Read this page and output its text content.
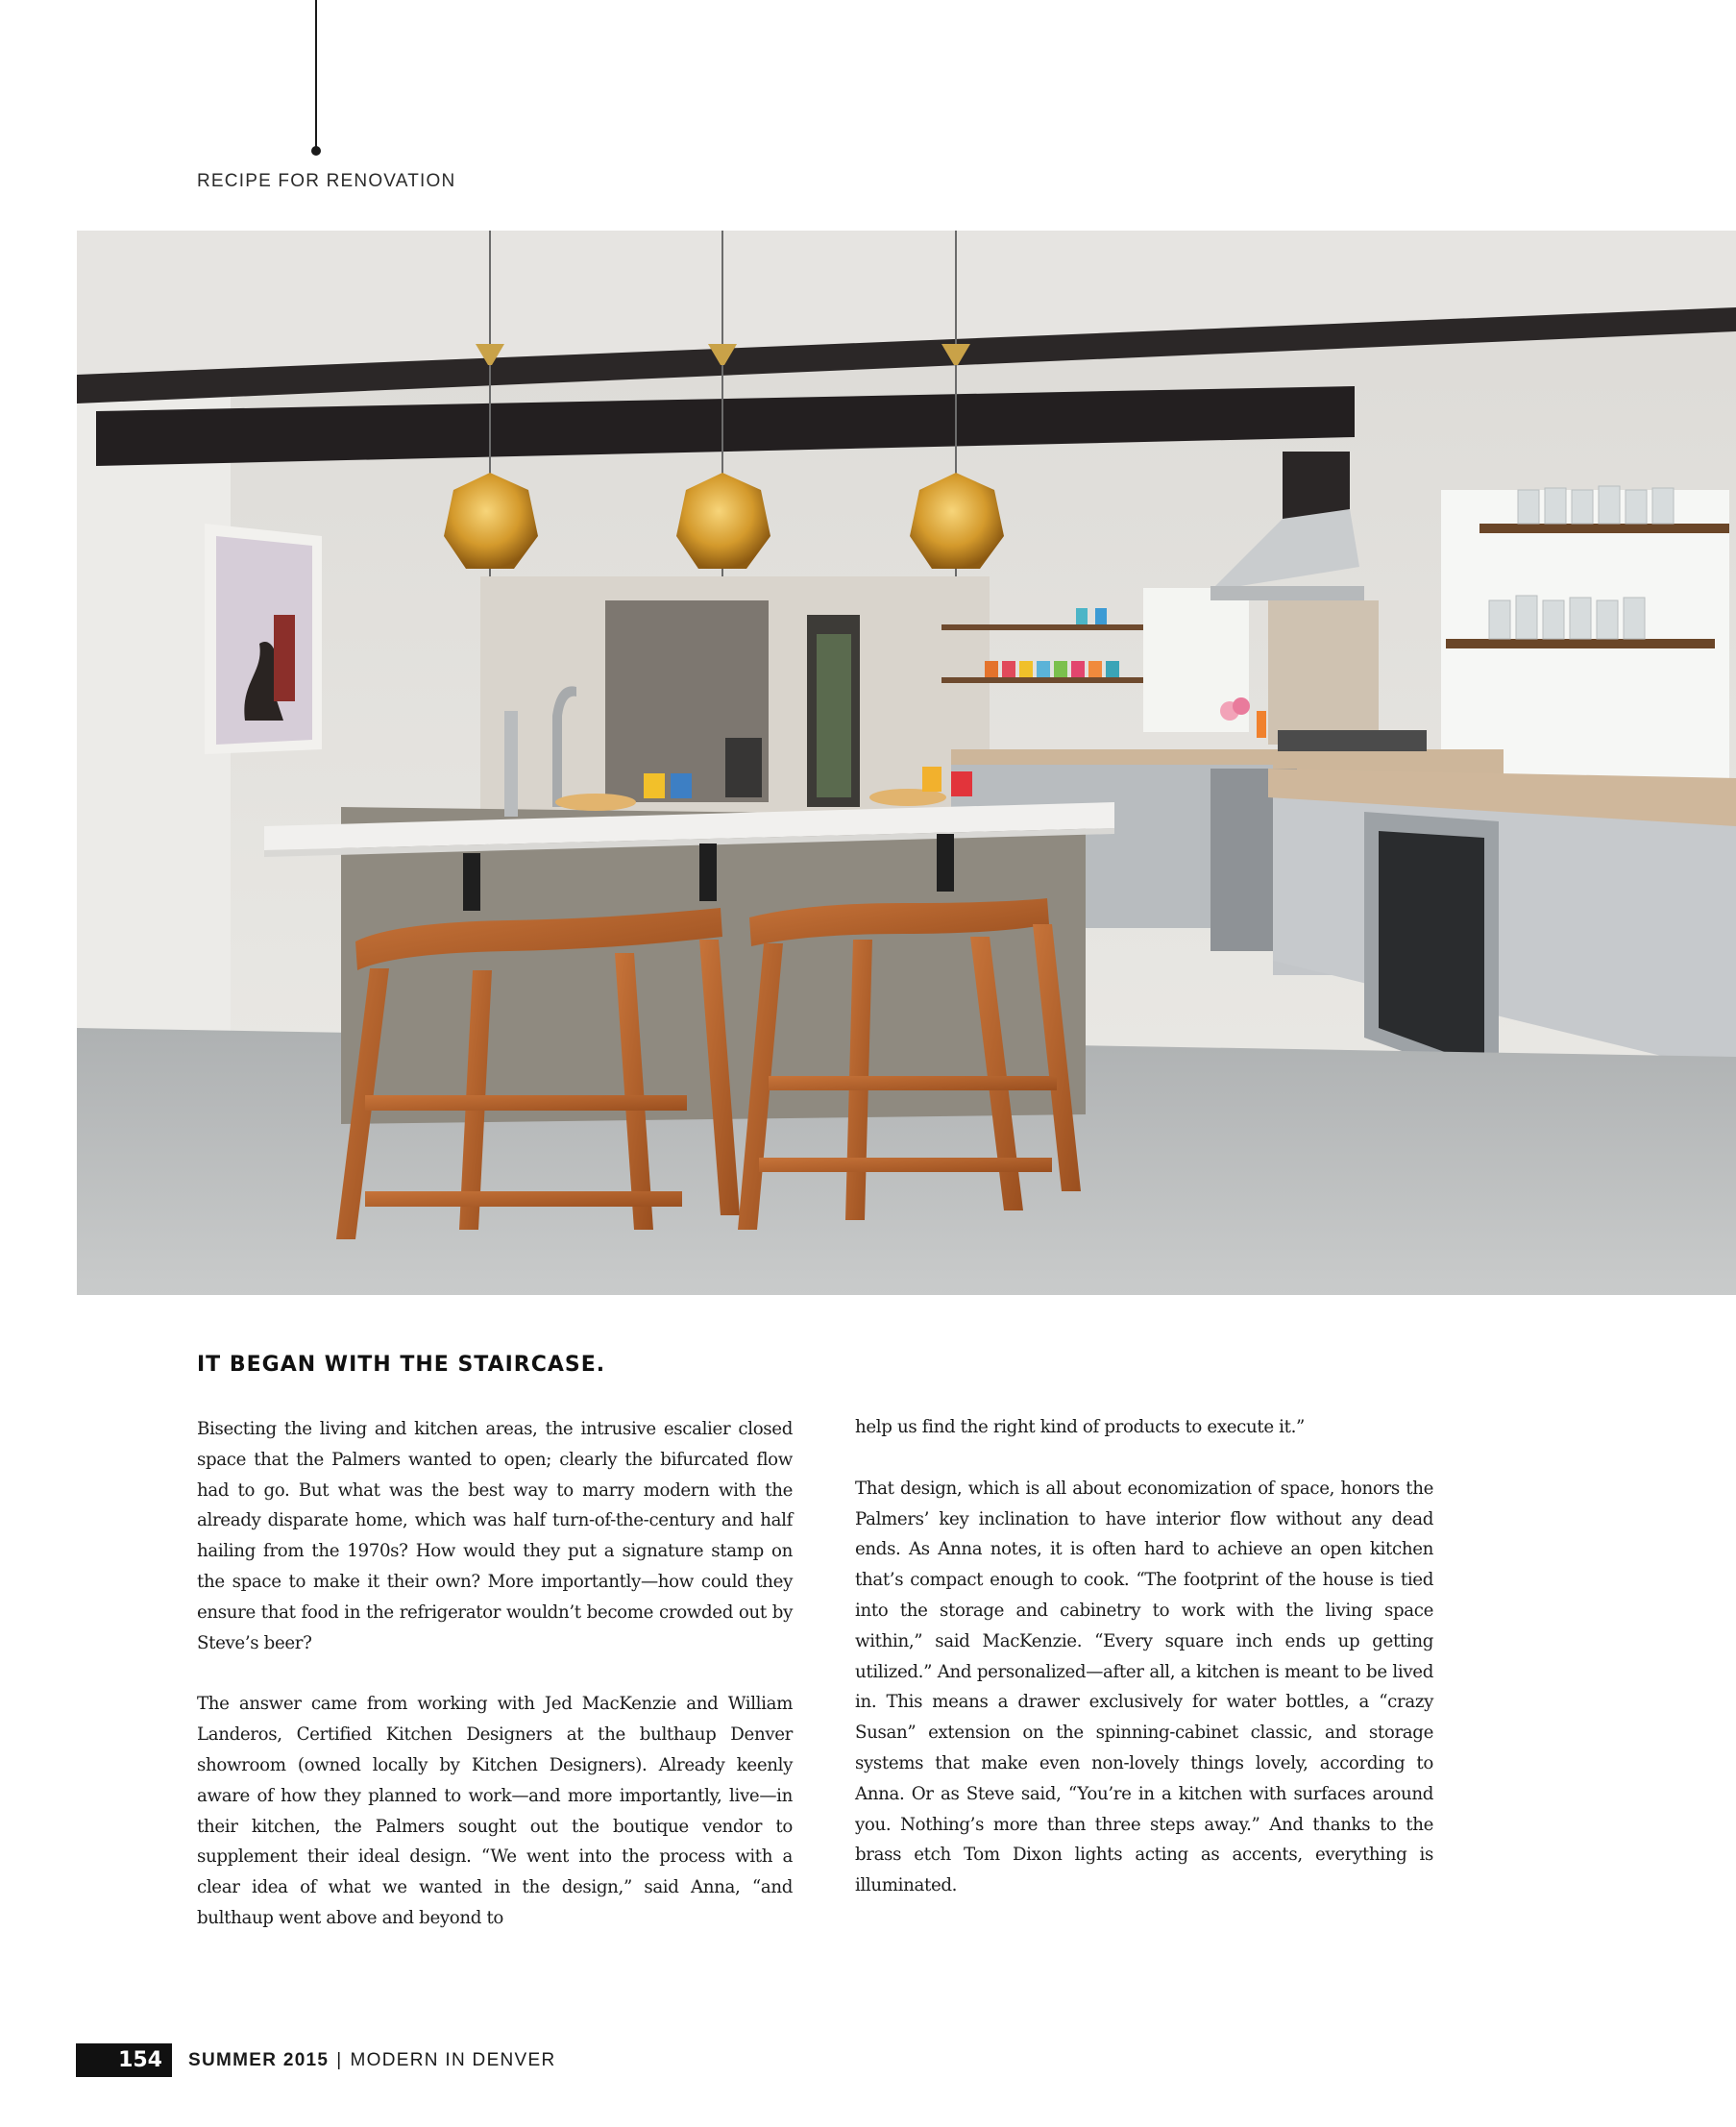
RECIPE FOR RENOVATION
IT BEGAN WITH THE STAIRCASE.

Bisecting the living and kitchen areas, the intrusive escalier closed space that the Palmers wanted to open; clearly the bifurcated flow had to go. But what was the best way to marry modern with the already disparate home, which was half turn-of-the-century and half hailing from the 1970s? How would they put a signature stamp on the space to make it their own? More importantly—how could they ensure that food in the refrigerator wouldn’t become crowded out by Steve’s beer?

The answer came from working with Jed MacKenzie and William Landeros, Certified Kitchen Designers at the bulthaup Denver showroom (owned locally by Kitchen Designers). Already keenly aware of how they planned to work—and more importantly, live—in their kitchen, the Palmers sought out the boutique vendor to supplement their ideal design. “We went into the process with a clear idea of what we wanted in the design,” said Anna, “and bulthaup went above and beyond to

help us find the right kind of products to execute it.”

That design, which is all about economization of space, honors the Palmers’ key inclination to have interior flow without any dead ends. As Anna notes, it is often hard to achieve an open kitchen that’s compact enough to cook. “The footprint of the house is tied into the storage and cabinetry to work with the living space within,” said MacKenzie. “Every square inch ends up getting utilized.” And personalized—after all, a kitchen is meant to be lived in. This means a drawer exclusively for water bottles, a “crazy Susan” extension on the spinning-cabinet classic, and storage systems that make even non-lovely things lovely, according to Anna. Or as Steve said, “You’re in a kitchen with surfaces around you. Nothing’s more than three steps away.” And thanks to the brass etch Tom Dixon lights acting as accents, everything is illuminated.

154	SUMMER 2015 | MODERN IN DENVER
